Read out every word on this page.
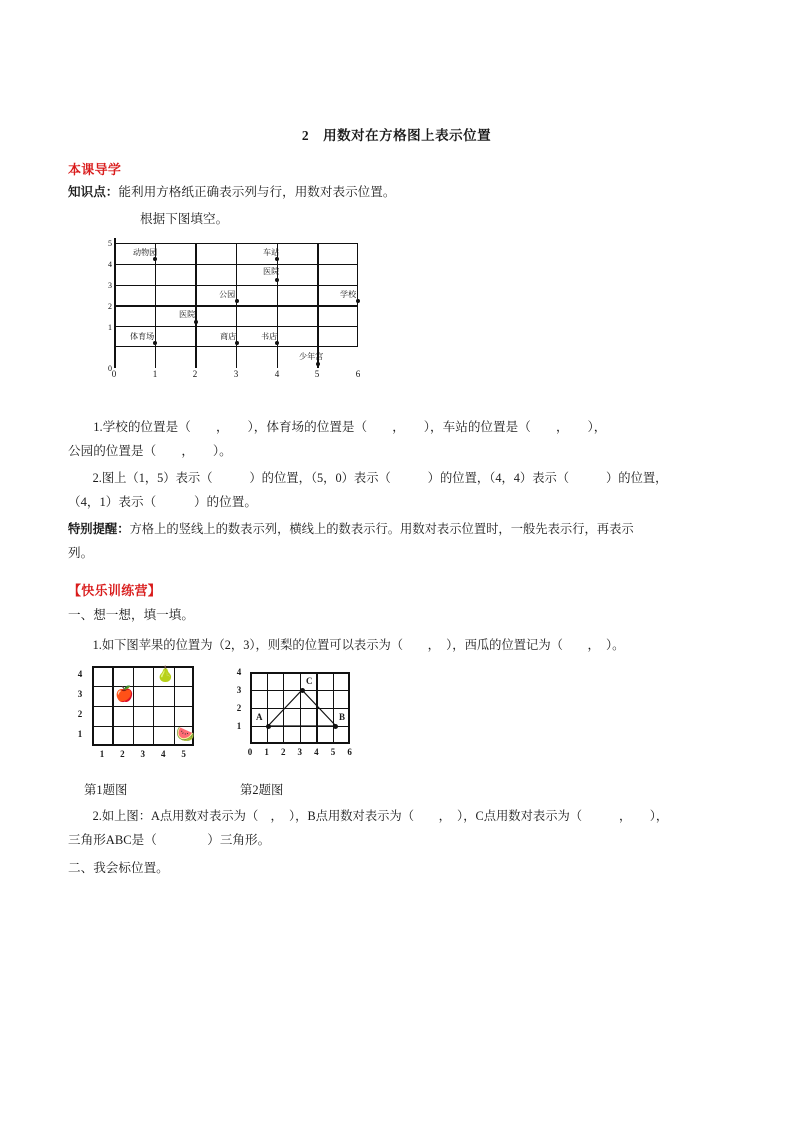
2 用数对在方格图上表示位置
本课导学
知识点：能利用方格纸正确表示列与行，用数对表示位置。
根据下图填空。
5
4
3
2
1
0
0	1	2	3	4	5	6
动物园	车站
医院
公园	学校
医院
体育场	商店	书店
少年宫
　　1.学校的位置是（　　，　　），体育场的位置是（　　，　　），车站的位置是（　　，　　），
公园的位置是（　　，　　）。
　　2.图上（1，5）表示（　　　）的位置，（5，0）表示（　　　）的位置，（4，4）表示（　　　）的位置，
（4，1）表示（　　　）的位置。
特别提醒：方格上的竖线上的数表示列，横线上的数表示行。用数对表示位置时，一般先表示行，再表示
列。
【快乐训练营】
一、想一想，填一填。
　　1.如下图苹果的位置为（2，3），则梨的位置可以表示为（　　，　），西瓜的位置记为（　　，　）。
4
3
2
1
1	2	3	4	5
🍎
🍐
🍉
4
3
2
1
0	1	2	3	4	5	6
A	B
C
第1题图	第2题图
　　2.如上图：A点用数对表示为（　，　），B点用数对表示为（　　，　），C点用数对表示为（　　　，　　），
三角形ABC是（　　　　）三角形。
二、我会标位置。
